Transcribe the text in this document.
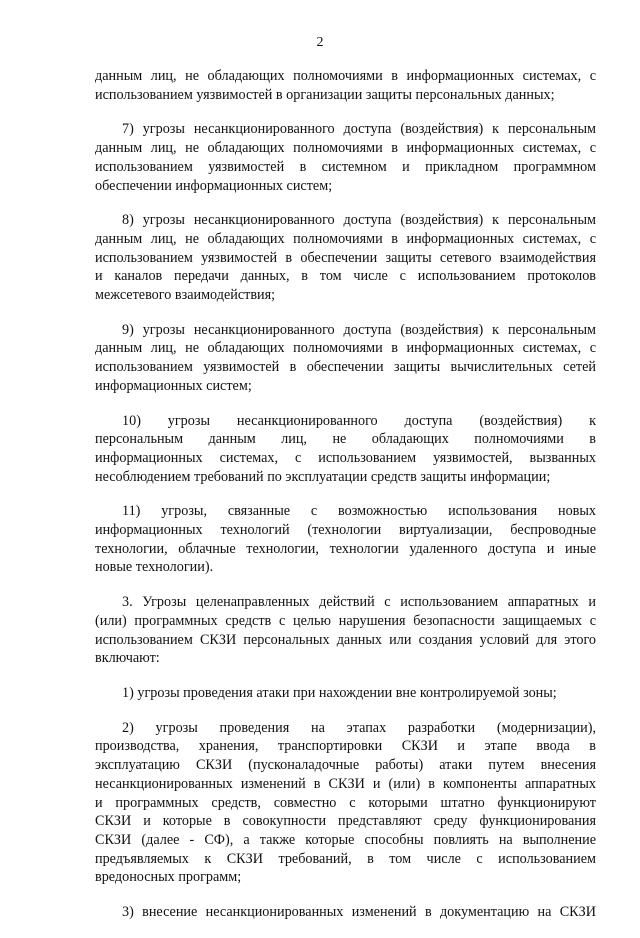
2

данным лиц, не обладающих полномочиями в информационных системах, с
использованием уязвимостей в организации защиты персональных данных;

7) угрозы несанкционированного доступа (воздействия) к персональным
данным лиц, не обладающих полномочиями в информационных системах, с
использованием уязвимостей в системном и прикладном программном
обеспечении информационных систем;

8) угрозы несанкционированного доступа (воздействия) к персональным
данным лиц, не обладающих полномочиями в информационных системах, с
использованием уязвимостей в обеспечении защиты сетевого взаимодействия
и каналов передачи данных, в том числе с использованием протоколов
межсетевого взаимодействия;

9) угрозы несанкционированного доступа (воздействия) к персональным
данным лиц, не обладающих полномочиями в информационных системах, с
использованием уязвимостей в обеспечении защиты вычислительных сетей
информационных систем;

10) угрозы несанкционированного доступа (воздействия) к
персональным данным лиц, не обладающих полномочиями в
информационных системах, с использованием уязвимостей, вызванных
несоблюдением требований по эксплуатации средств защиты информации;

11) угрозы, связанные с возможностью использования новых
информационных технологий (технологии виртуализации, беспроводные
технологии, облачные технологии, технологии удаленного доступа и иные
новые технологии).

3. Угрозы целенаправленных действий с использованием аппаратных и
(или) программных средств с целью нарушения безопасности защищаемых с
использованием СКЗИ персональных данных или создания условий для этого
включают:

1) угрозы проведения атаки при нахождении вне контролируемой зоны;

2) угрозы проведения на этапах разработки (модернизации),
производства, хранения, транспортировки СКЗИ и этапе ввода в
эксплуатацию СКЗИ (пусконаладочные работы) атаки путем внесения
несанкционированных изменений в СКЗИ и (или) в компоненты аппаратных
и программных средств, совместно с которыми штатно функционируют
СКЗИ и которые в совокупности представляют среду функционирования
СКЗИ (далее - СФ), а также которые способны повлиять на выполнение
предъявляемых к СКЗИ требований, в том числе с использованием
вредоносных программ;

3) внесение несанкционированных изменений в документацию на СКЗИ
